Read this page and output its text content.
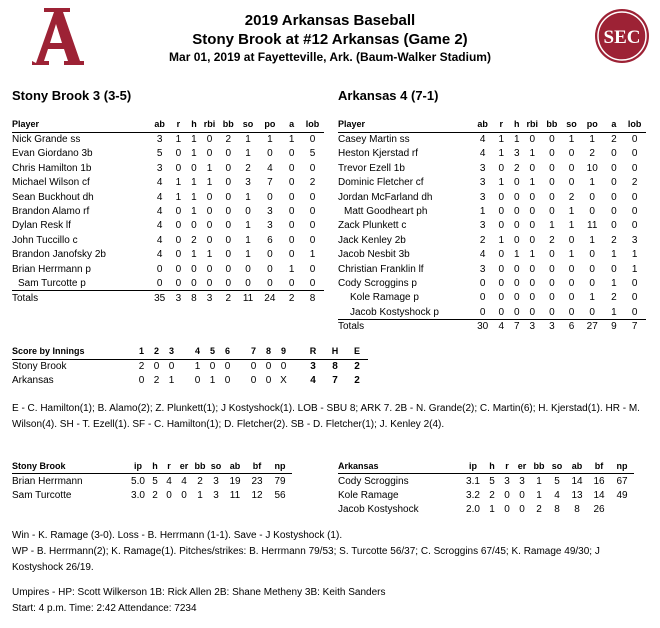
A
SEC
2019 Arkansas Baseball
Stony Brook at #12 Arkansas (Game 2)
Mar 01, 2019 at Fayetteville, Ark. (Baum-Walker Stadium)
Stony Brook 3 (3-5)	Arkansas 4 (7-1)
Player	ab	r	h	rbi	bb	so	po	a	lob
Nick Grande ss	3	1	1	0	2	1	1	1	0
Evan Giordano 3b	5	0	1	0	0	1	0	0	5
Chris Hamilton 1b	3	0	0	1	0	2	4	0	0
Michael Wilson cf	4	1	1	1	0	3	7	0	2
Sean Buckhout dh	4	1	1	0	0	1	0	0	0
Brandon Alamo rf	4	0	1	0	0	0	3	0	0
Dylan Resk lf	4	0	0	0	0	1	3	0	0
John Tuccillo c	4	0	2	0	0	1	6	0	0
Brandon Janofsky 2b	4	0	1	1	0	1	0	0	1
Brian Herrmann p	0	0	0	0	0	0	0	1	0
Sam Turcotte p	0	0	0	0	0	0	0	0	0
Totals	35	3	8	3	2	11	24	2	8
Player	ab	r	h	rbi	bb	so	po	a	lob
Casey Martin ss	4	1	1	0	0	1	1	2	0
Heston Kjerstad rf	4	1	3	1	0	0	2	0	0
Trevor Ezell 1b	3	0	2	0	0	0	10	0	0
Dominic Fletcher cf	3	1	0	1	0	0	1	0	2
Jordan McFarland dh	3	0	0	0	0	2	0	0	0
Matt Goodheart ph	1	0	0	0	0	1	0	0	0
Zack Plunkett c	3	0	0	0	1	1	11	0	0
Jack Kenley 2b	2	1	0	0	2	0	1	2	3
Jacob Nesbit 3b	4	0	1	1	0	1	0	1	1
Christian Franklin lf	3	0	0	0	0	0	0	0	1
Cody Scroggins p	0	0	0	0	0	0	0	1	0
Kole Ramage p	0	0	0	0	0	0	1	2	0
Jacob Kostyshock p	0	0	0	0	0	0	0	1	0
Totals	30	4	7	3	3	6	27	9	7
Score by Innings	1	2	3		4	5	6		7	8	9		R	H	E
Stony Brook	2	0	0		1	0	0		0	0	0		3	8	2
Arkansas	0	2	1		0	1	0		0	0	X		4	7	2
E - C. Hamilton(1); B. Alamo(2); Z. Plunkett(1); J Kostyshock(1). LOB - SBU 8; ARK 7. 2B - N. Grande(2); C. Martin(6); H. Kjerstad(1). HR - M. Wilson(4). SH - T. Ezell(1). SF - C. Hamilton(1); D. Fletcher(2). SB - D. Fletcher(1); J. Kenley 2(4).
Stony Brook	ip	h	r	er	bb	so	ab	bf	np
Brian Herrmann	5.0	5	4	4	2	3	19	23	79
Sam Turcotte	3.0	2	0	0	1	3	11	12	56
Arkansas	ip	h	r	er	bb	so	ab	bf	np
Cody Scroggins	3.1	5	3	3	1	5	14	16	67
Kole Ramage	3.2	2	0	0	1	4	13	14	49
Jacob Kostyshock	2.0	1	0	0	2	8	8	26	
Win - K. Ramage (3-0). Loss - B. Herrmann (1-1). Save - J Kostyshock (1).
WP - B. Herrmann(2); K. Ramage(1). Pitches/strikes: B. Herrmann 79/53; S. Turcotte 56/37; C. Scroggins 67/45; K. Ramage 49/30; J Kostyshock 26/19.
Umpires - HP: Scott Wilkerson 1B: Rick Allen 2B: Shane Metheny 3B: Keith Sanders
Start: 4 p.m. Time: 2:42 Attendance: 7234
